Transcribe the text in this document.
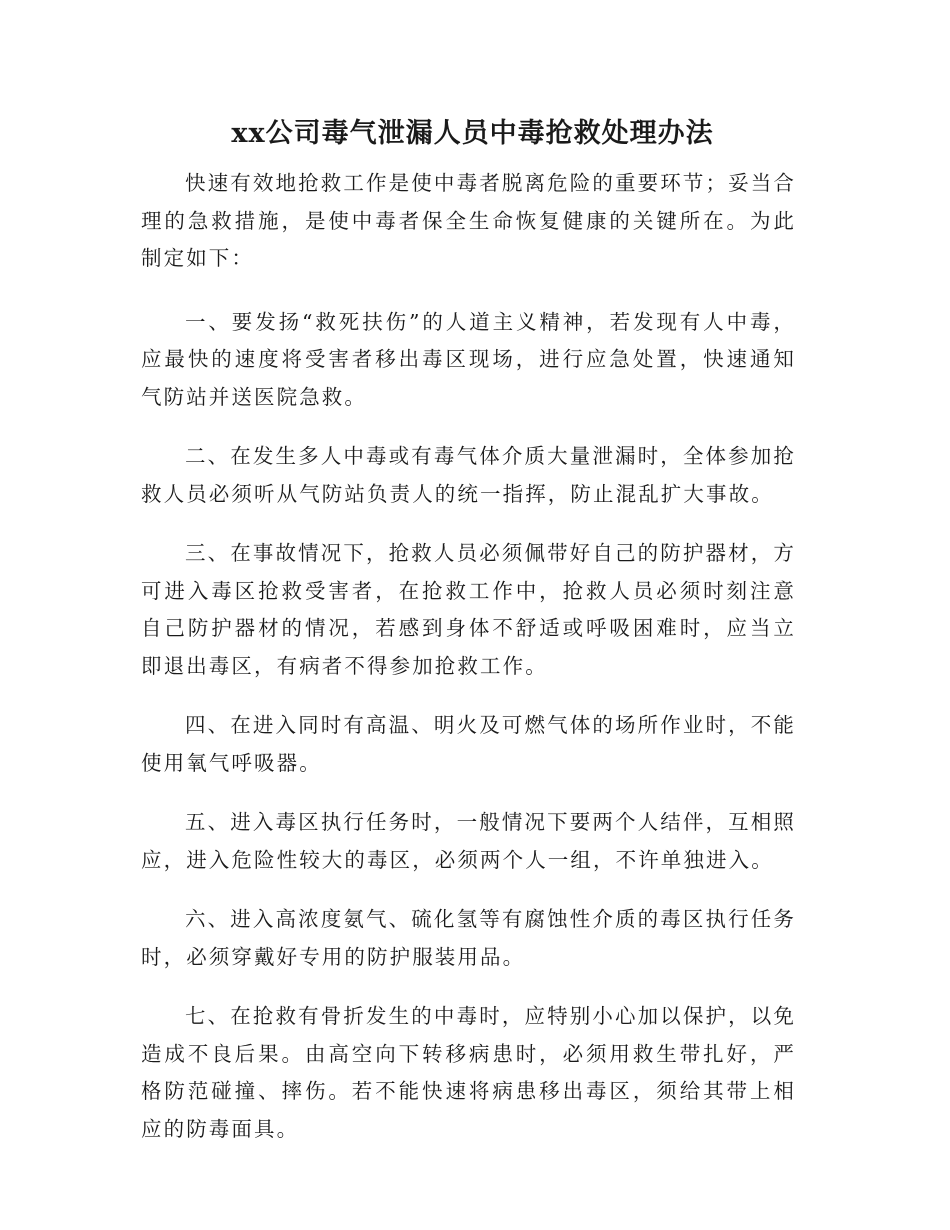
xx公司毒气泄漏人员中毒抢救处理办法

快速有效地抢救工作是使中毒者脱离危险的重要环节；妥当合理的急救措施，是使中毒者保全生命恢复健康的关键所在。为此制定如下：

一、要发扬“救死扶伤”的人道主义精神，若发现有人中毒，应最快的速度将受害者移出毒区现场，进行应急处置，快速通知气防站并送医院急救。

二、在发生多人中毒或有毒气体介质大量泄漏时，全体参加抢救人员必须听从气防站负责人的统一指挥，防止混乱扩大事故。

三、在事故情况下，抢救人员必须佩带好自己的防护器材，方可进入毒区抢救受害者，在抢救工作中，抢救人员必须时刻注意自己防护器材的情况，若感到身体不舒适或呼吸困难时，应当立即退出毒区，有病者不得参加抢救工作。

四、在进入同时有高温、明火及可燃气体的场所作业时，不能使用氧气呼吸器。

五、进入毒区执行任务时，一般情况下要两个人结伴，互相照应，进入危险性较大的毒区，必须两个人一组，不许单独进入。

六、进入高浓度氨气、硫化氢等有腐蚀性介质的毒区执行任务时，必须穿戴好专用的防护服装用品。

七、在抢救有骨折发生的中毒时，应特别小心加以保护，以免造成不良后果。由高空向下转移病患时，必须用救生带扎好，严格防范碰撞、摔伤。若不能快速将病患移出毒区，须给其带上相应的防毒面具。
